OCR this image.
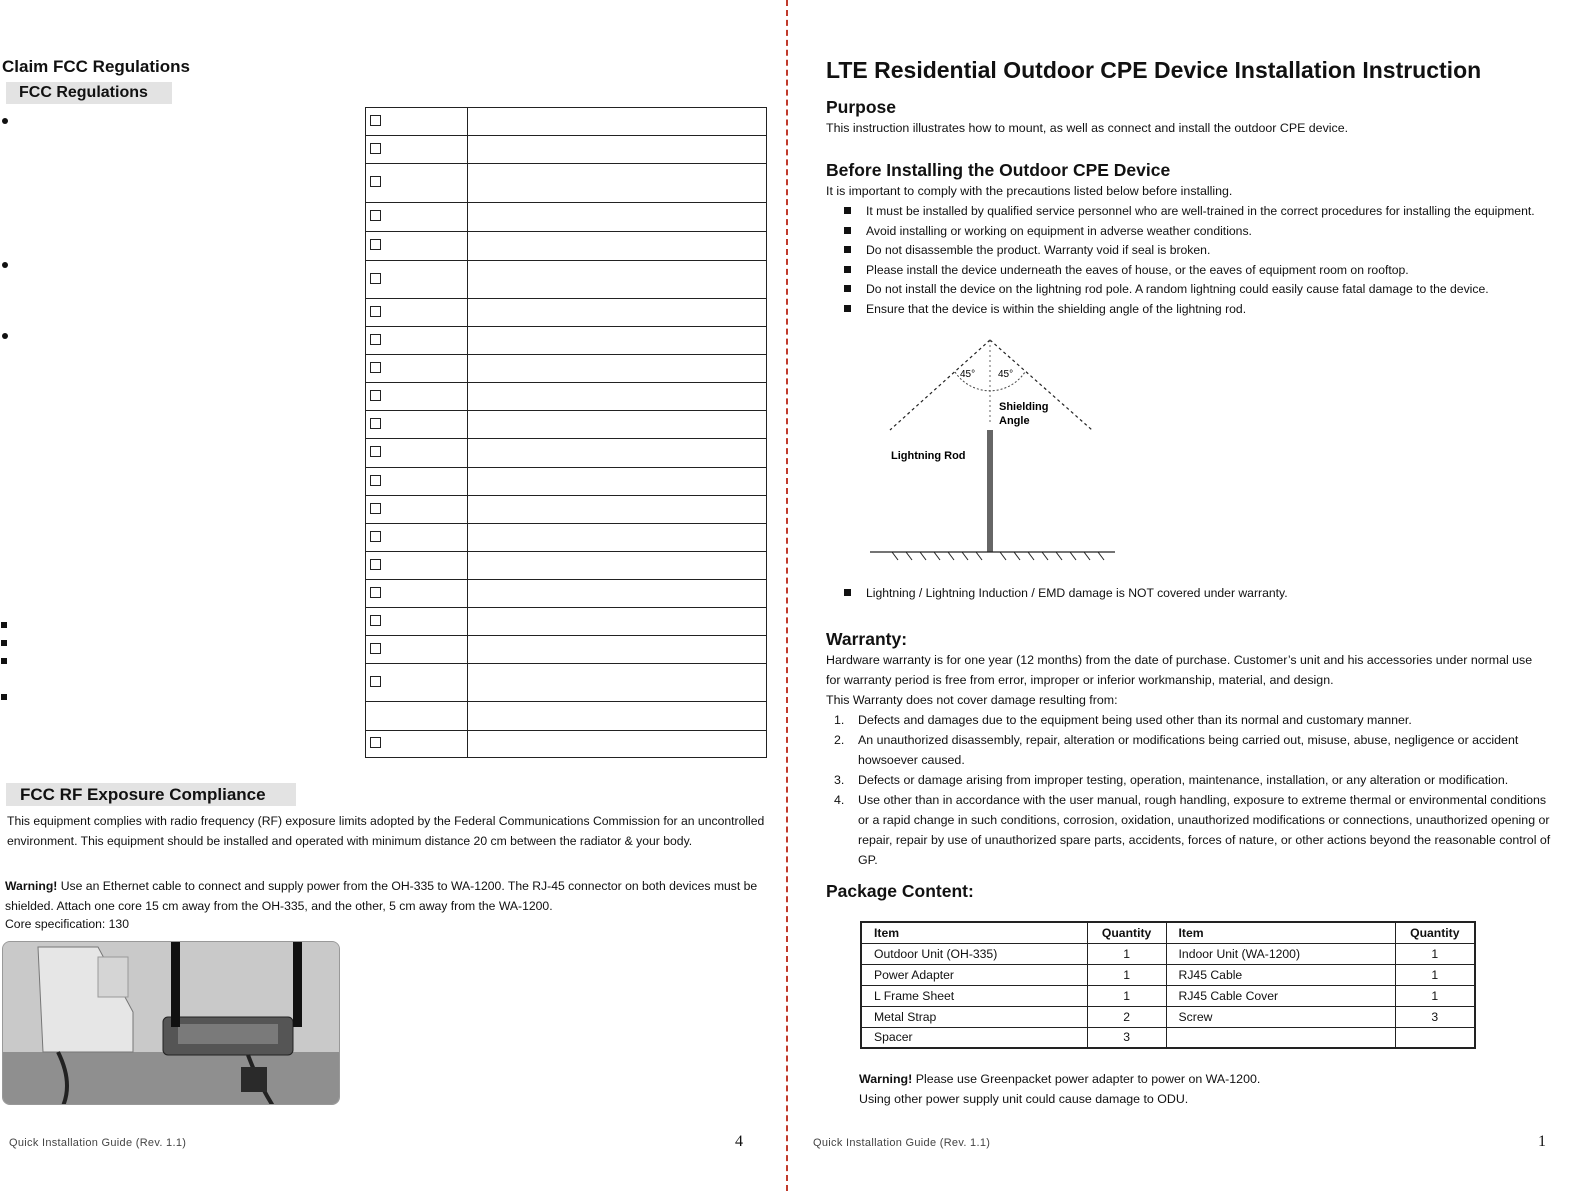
Claim FCC Regulations
FCC Regulations

FCC RF Exposure Compliance
This equipment complies with radio frequency (RF) exposure limits adopted by the Federal Communications Commission for an uncontrolled environment. This equipment should be installed and operated with minimum distance 20 cm between the radiator & your body.
Warning! Use an Ethernet cable to connect and supply power from the OH-335 to WA-1200. The RJ-45 connector on both devices must be shielded. Attach one core 15 cm away from the OH-335, and the other, 5 cm away from the WA-1200.
Core specification: 130
Quick Installation Guide (Rev. 1.1)	4
LTE Residential Outdoor CPE Device Installation Instruction
Purpose
This instruction illustrates how to mount, as well as connect and install the outdoor CPE device.
Before Installing the Outdoor CPE Device
It is important to comply with the precautions listed below before installing.
It must be installed by qualified service personnel who are well-trained in the correct procedures for installing the equipment.
Avoid installing or working on equipment in adverse weather conditions.
Do not disassemble the product. Warranty void if seal is broken.
Please install the device underneath the eaves of house, or the eaves of equipment room on rooftop.
Do not install the device on the lightning rod pole. A random lightning could easily cause fatal damage to the device.
Ensure that the device is within the shielding angle of the lightning rod.
45° 45°
Shielding
Angle
Lightning Rod
Lightning / Lightning Induction / EMD damage is NOT covered under warranty.
Warranty:
Hardware warranty is for one year (12 months) from the date of purchase. Customer’s unit and his accessories under normal use
for warranty period is free from error, improper or inferior workmanship, material, and design.
This Warranty does not cover damage resulting from:
1. Defects and damages due to the equipment being used other than its normal and customary manner.
2. An unauthorized disassembly, repair, alteration or modifications being carried out, misuse, abuse, negligence or accident
howsoever caused.
3. Defects or damage arising from improper testing, operation, maintenance, installation, or any alteration or modification.
4. Use other than in accordance with the user manual, rough handling, exposure to extreme thermal or environmental conditions
or a rapid change in such conditions, corrosion, oxidation, unauthorized modifications or connections, unauthorized opening or
repair, repair by use of unauthorized spare parts, accidents, forces of nature, or other actions beyond the reasonable control of
GP.
Package Content:
Item	Quantity	Item	Quantity
Outdoor Unit (OH-335)	1	Indoor Unit (WA-1200)	1
Power Adapter	1	RJ45 Cable	1
L Frame Sheet	1	RJ45 Cable Cover	1
Metal Strap	2	Screw	3
Spacer	3		
Warning! Please use Greenpacket power adapter to power on WA-1200.
Using other power supply unit could cause damage to ODU.
Quick Installation Guide (Rev. 1.1)	1
